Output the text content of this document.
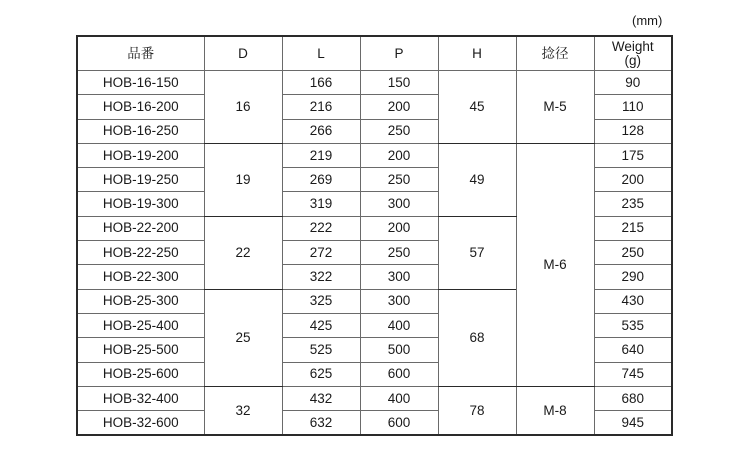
(mm)
品番	D	L	P	H	捻径	Weight
(g)

HOB-16-150	16	166	150	45	M-5	90
HOB-16-200		216	200			110
HOB-16-250		266	250			128
HOB-19-200	19	219	200	49	M-6	175
HOB-19-250		269	250			200
HOB-19-300		319	300			235
HOB-22-200	22	222	200	57		215
HOB-22-250		272	250			250
HOB-22-300		322	300			290
HOB-25-300	25	325	300	68		430
HOB-25-400		425	400			535
HOB-25-500		525	500			640
HOB-25-600		625	600			745
HOB-32-400	32	432	400	78	M-8	680
HOB-32-600		632	600			945
